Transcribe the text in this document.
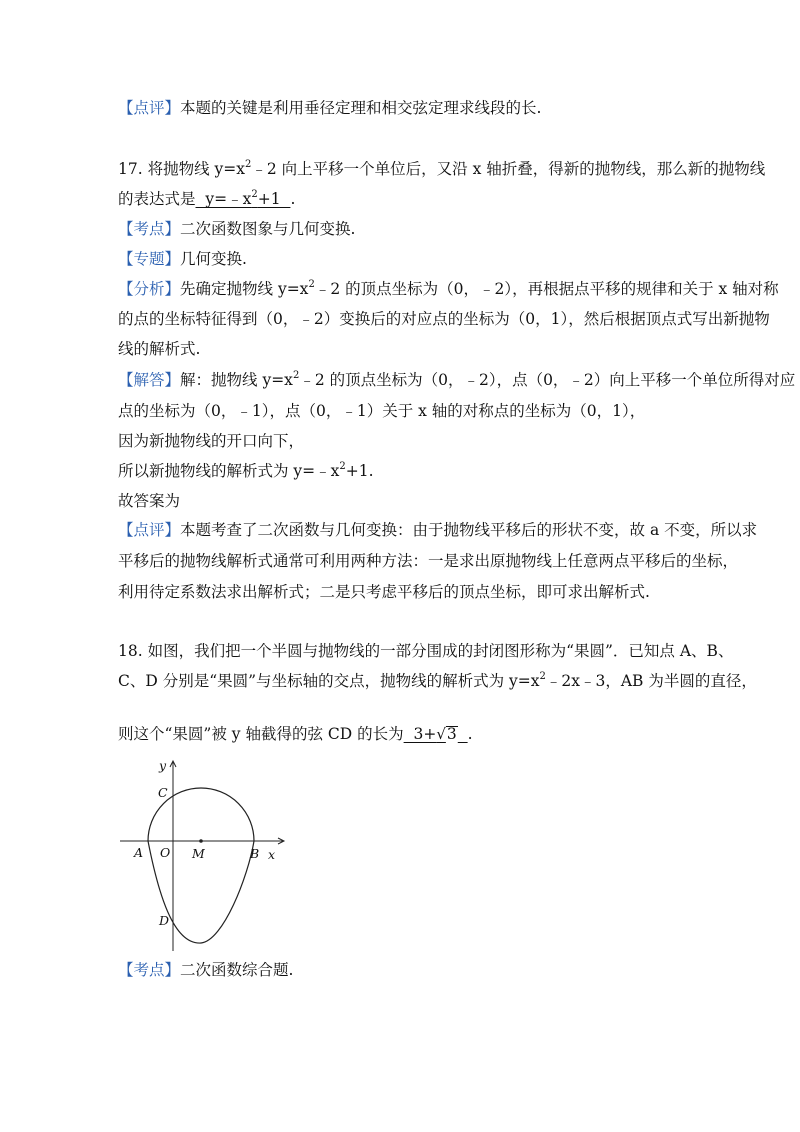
【点评】本题的关键是利用垂径定理和相交弦定理求线段的长.
17. 将抛物线 $y=x^2﹣2$ 向上平移一个单位后，又沿 x 轴折叠，得新的抛物线，那么新的抛物线
的表达式是  $y=﹣x^2+1$  .
【考点】二次函数图象与几何变换.
【专题】几何变换.
【分析】先确定抛物线 $y=x^2﹣2$ 的顶点坐标为（0，﹣2），再根据点平移的规律和关于 x 轴对称
的点的坐标特征得到（0，﹣2）变换后的对应点的坐标为（0，1），然后根据顶点式写出新抛物
线的解析式.
【解答】解：抛物线 $y=x^2﹣2$ 的顶点坐标为（0，﹣2），点（0，﹣2）向上平移一个单位所得对应
点的坐标为（0，﹣1），点（0，﹣1）关于 x 轴的对称点的坐标为（0，1），
因为新抛物线的开口向下，
所以新抛物线的解析式为 $y=﹣x^2+1$.
故答案为
【点评】本题考查了二次函数与几何变换：由于抛物线平移后的形状不变，故 a 不变，所以求
平移后的抛物线解析式通常可利用两种方法：一是求出原抛物线上任意两点平移后的坐标，
利用待定系数法求出解析式；二是只考虑平移后的顶点坐标，即可求出解析式.
18. 如图，我们把一个半圆与抛物线的一部分围成的封闭图形称为“果圆”．已知点 A、B、
C、D 分别是“果圆”与坐标轴的交点，抛物线的解析式为 $y=x^2﹣2x﹣3$，AB 为半圆的直径，
则这个“果圆”被 y 轴截得的弦 CD 的长为  3+√3 .
y
x
C
A O M	B
D
【考点】二次函数综合题.
